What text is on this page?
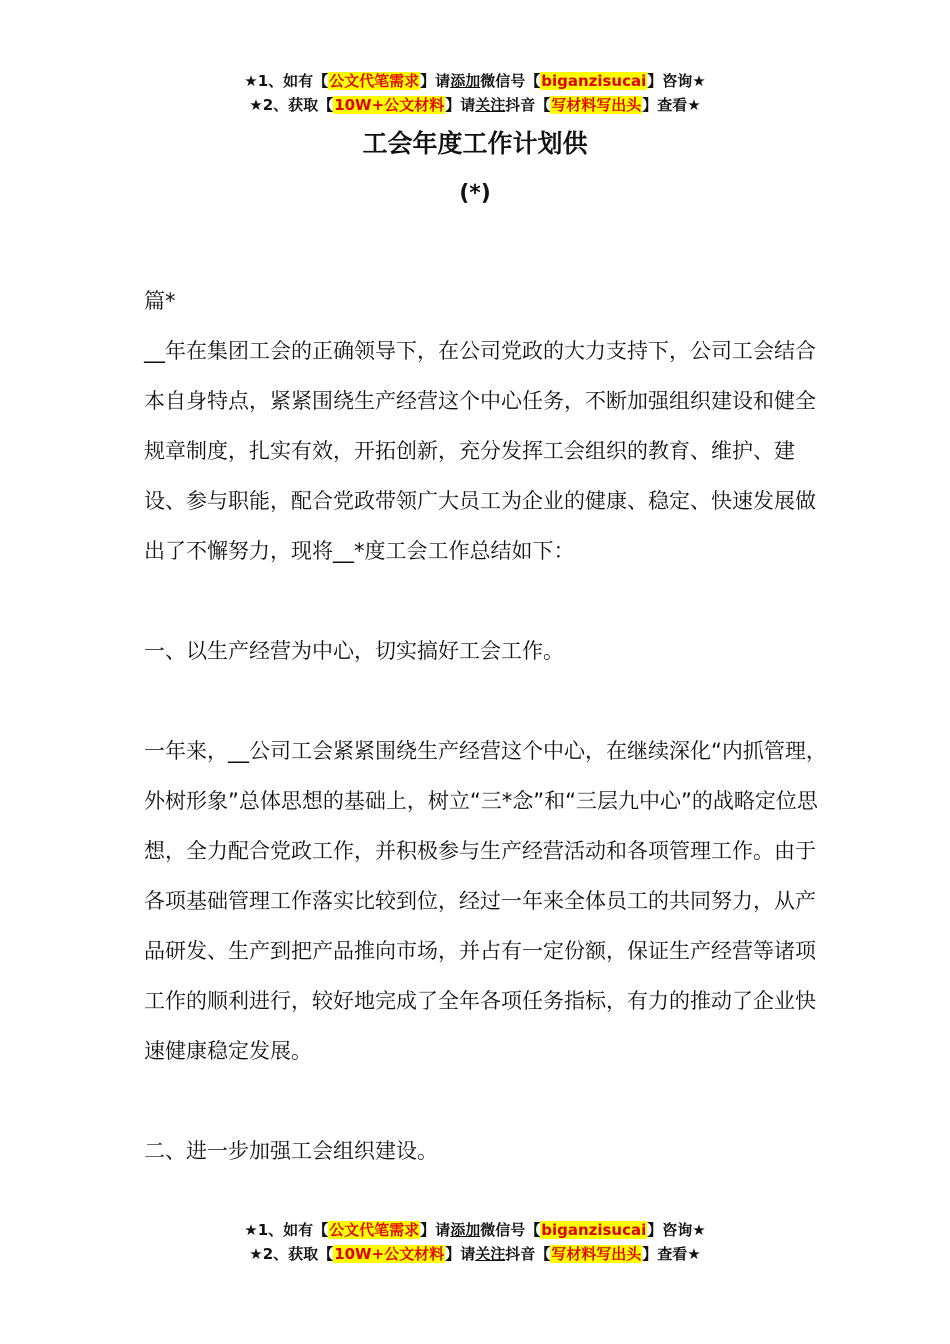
★1、如有【公文代笔需求】请添加微信号【biganzisucai】咨询★
★2、获取【10W+公文材料】请关注抖音【写材料写出头】查看★
工会年度工作计划供
(*)

篇*

__年在集团工会的正确领导下，在公司党政的大力支持下，公司工会结合本自身特点，紧紧围绕生产经营这个中心任务，不断加强组织建设和健全规章制度，扎实有效，开拓创新，充分发挥工会组织的教育、维护、建设、参与职能，配合党政带领广大员工为企业的健康、稳定、快速发展做出了不懈努力，现将__*度工会工作总结如下：

一、以生产经营为中心，切实搞好工会工作。

一年来，__公司工会紧紧围绕生产经营这个中心，在继续深化“内抓管理，外树形象”总体思想的基础上，树立“三*念”和“三层九中心”的战略定位思想，全力配合党政工作，并积极参与生产经营活动和各项管理工作。由于各项基础管理工作落实比较到位，经过一年来全体员工的共同努力，从产品研发、生产到把产品推向市场，并占有一定份额，保证生产经营等诸项工作的顺利进行，较好地完成了全年各项任务指标，有力的推动了企业快速健康稳定发展。

二、进一步加强工会组织建设。

★1、如有【公文代笔需求】请添加微信号【biganzisucai】咨询★
★2、获取【10W+公文材料】请关注抖音【写材料写出头】查看★
